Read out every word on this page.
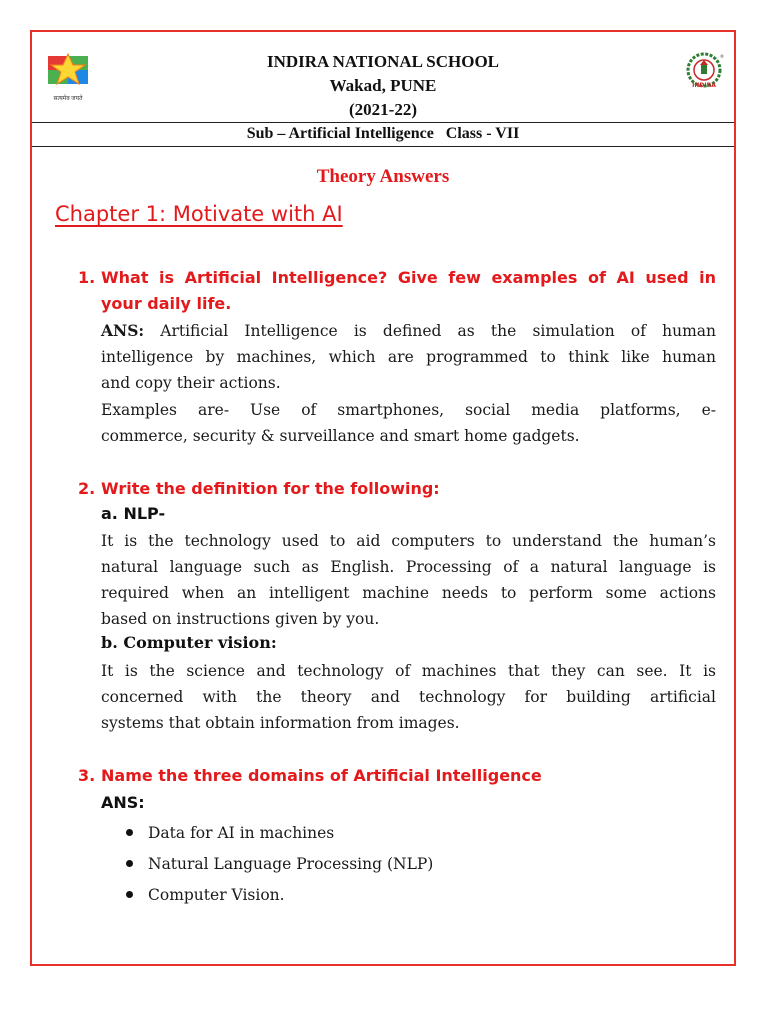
सत्यमेव जयते
®
INDIRA
INDIRA NATIONAL SCHOOL
Wakad, PUNE
(2021-22)
Sub – Artificial Intelligence   Class - VII
Theory Answers
Chapter 1: Motivate with AI
1. What is Artificial Intelligence? Give few examples of AI used in
your daily life.
ANS: Artificial Intelligence is defined as the simulation of human
intelligence by machines, which are programmed to think like human
and copy their actions.
Examples are- Use of smartphones, social media platforms, e-
commerce, security & surveillance and smart home gadgets.
2. Write the definition for the following:
a. NLP-
It is the technology used to aid computers to understand the human’s
natural language such as English. Processing of a natural language is
required when an intelligent machine needs to perform some actions
based on instructions given by you.
b. Computer vision:
It is the science and technology of machines that they can see. It is
concerned with the theory and technology for building artificial
systems that obtain information from images.
3. Name the three domains of Artificial Intelligence
ANS:
Data for AI in machines
Natural Language Processing (NLP)
Computer Vision.
